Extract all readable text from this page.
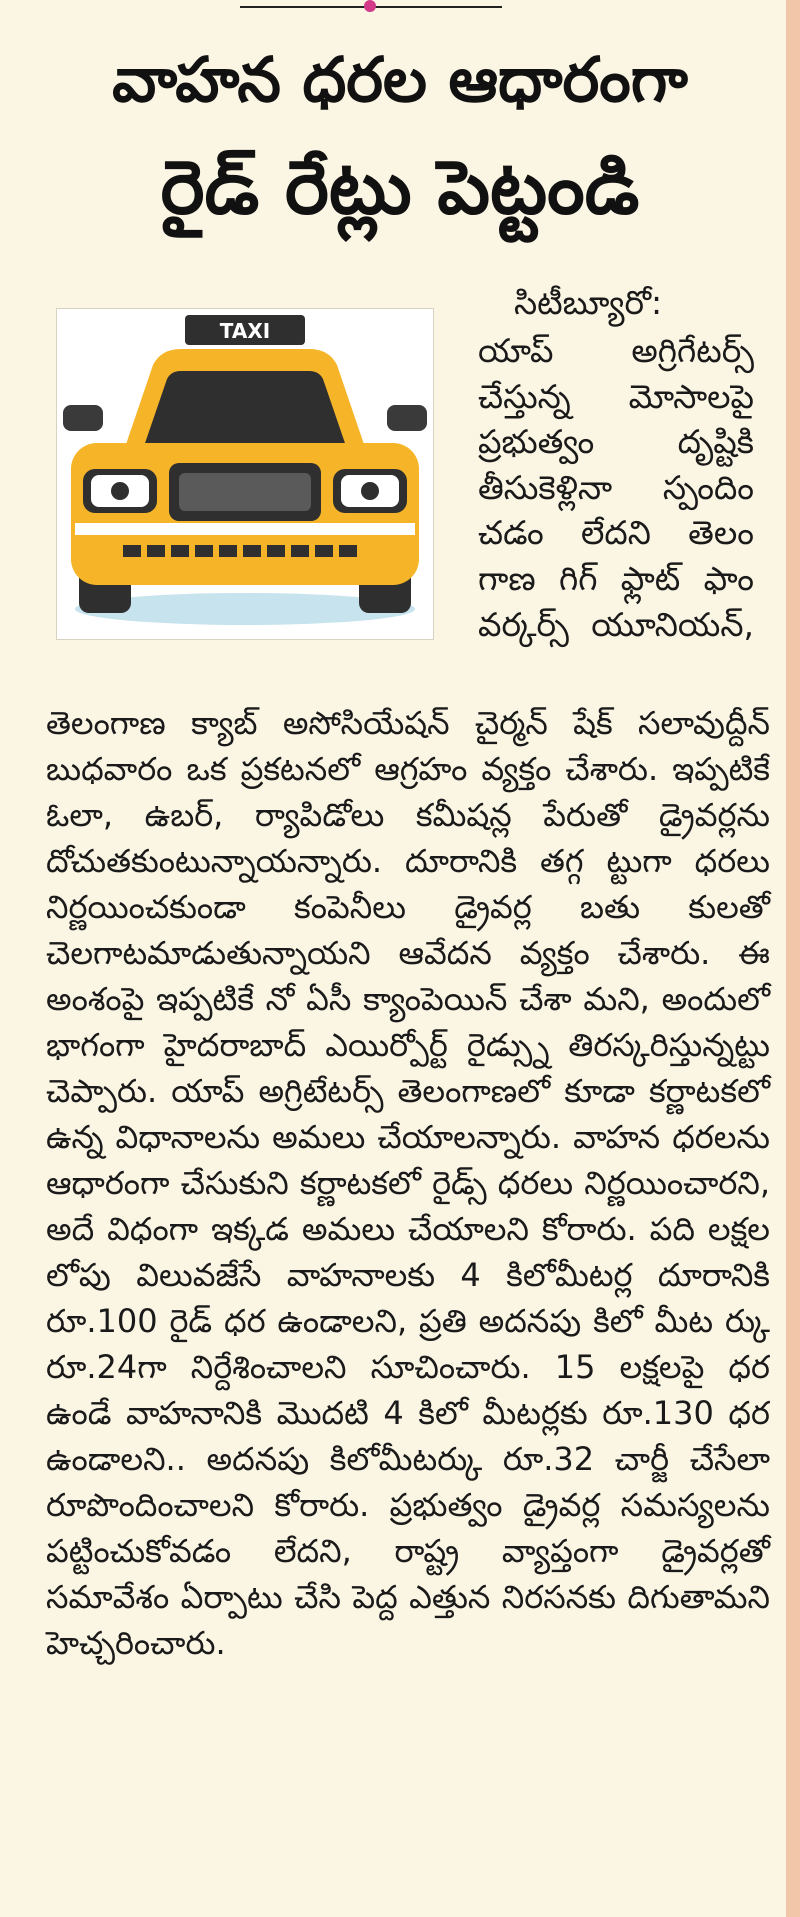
వాహన ధరల ఆధారంగా
రైడ్ రేట్లు పెట్టండి
TAXI
సిటీబ్యూరో:

యాప్ అగ్రిగేటర్స్

చేస్తున్న మోసాలపై

ప్రభుత్వం దృష్టికి

తీసుకెళ్లినా స్పందిం

చడం లేదని తెలం

గాణ గిగ్ ఫ్లాట్ ఫాం

వర్కర్స్ యూనియన్,

తెలంగాణ క్యాబ్ అసోసియేషన్ చైర్మన్ షేక్ సలావుద్దీన్ బుధవారం ఒక ప్రకటనలో ఆగ్రహం వ్యక్తం చేశారు. ఇప్పటికే ఓలా, ఉబర్, ర్యాపిడోలు కమీషన్ల పేరుతో డ్రైవర్లను దోచుతకుంటున్నాయన్నారు. దూరానికి తగ్గ ట్టుగా ధరలు నిర్ణయించకుండా కంపెనీలు డ్రైవర్ల బతు కులతో చెలగాటమాడుతున్నాయని ఆవేదన వ్యక్తం చేశారు. ఈ అంశంపై ఇప్పటికే నో ఏసీ క్యాంపెయిన్ చేశా మని, అందులో భాగంగా హైదరాబాద్ ఎయిర్పోర్ట్ రైడ్స్ను తిరస్కరిస్తున్నట్టు చెప్పారు. యాప్ అగ్రిటేటర్స్ తెలంగాణలో కూడా కర్ణాటకలో ఉన్న విధానాలను అమలు చేయాలన్నారు. వాహన ధరలను ఆధారంగా చేసుకుని కర్ణాటకలో రైడ్స్ ధరలు నిర్ణయించారని, అదే విధంగా ఇక్కడ అమలు చేయాలని కోరారు. పది లక్షల లోపు విలువజేసే వాహనాలకు 4 కిలోమీటర్ల దూరానికి రూ.100 రైడ్ ధర ఉండాలని, ప్రతి అదనపు కిలో మీట ర్కు రూ.24గా నిర్దేశించాలని సూచించారు. 15 లక్షలపై ధర ఉండే వాహనానికి మొదటి 4 కిలో మీటర్లకు రూ.130 ధర ఉండాలని.. అదనపు కిలోమీటర్కు రూ.32 చార్జీ చేసేలా రూపొందించాలని కోరారు. ప్రభుత్వం డ్రైవర్ల సమస్యలను పట్టించుకోవడం లేదని, రాష్ట్ర వ్యాప్తంగా డ్రైవర్లతో సమావేశం ఏర్పాటు చేసి పెద్ద ఎత్తున నిరసనకు దిగుతామని హెచ్చరించారు.
